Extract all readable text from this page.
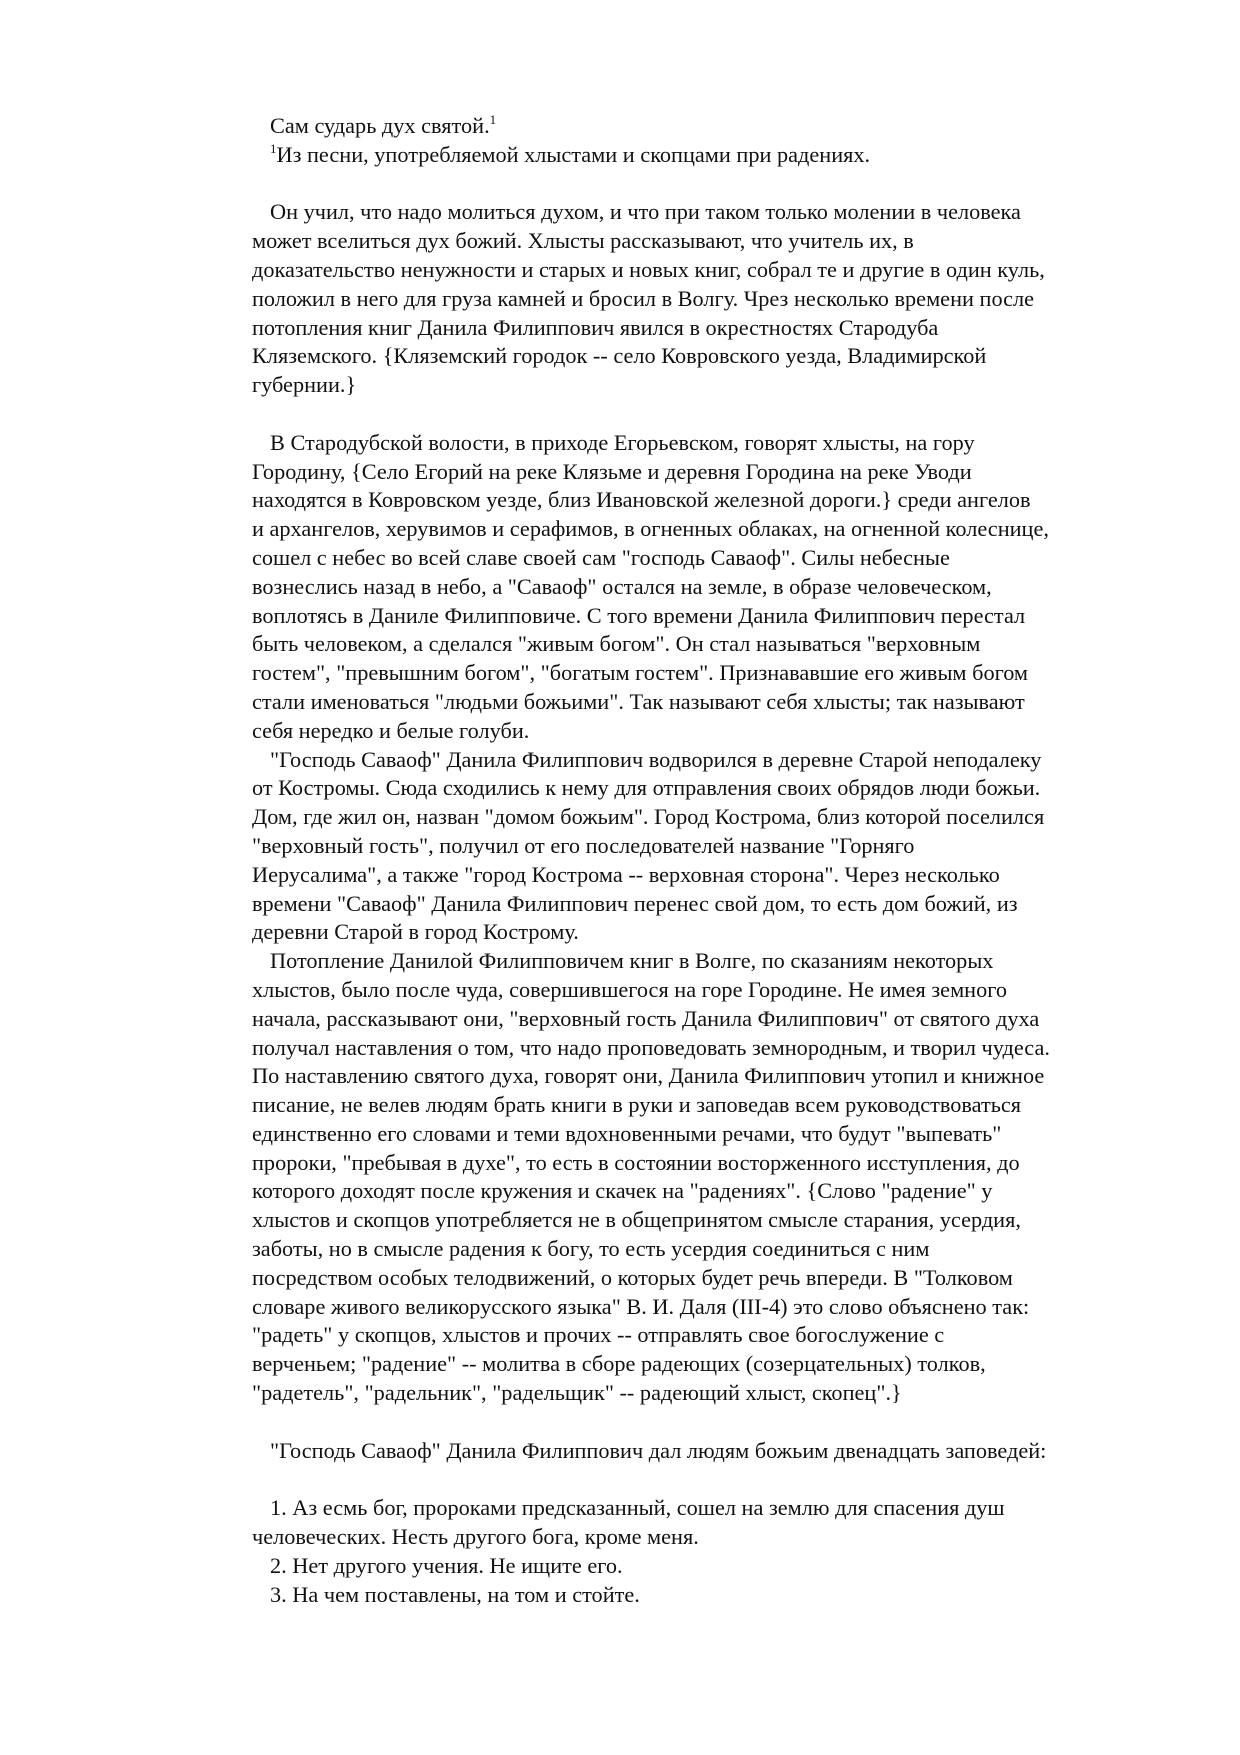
Сам сударь дух святой.$^1$
$^1$Из песни, употребляемой хлыстами и скопцами при радениях.
Он учил, что надо молиться духом, и что при таком только молении в человека
может вселиться дух божий. Хлысты рассказывают, что учитель их, в
доказательство ненужности и старых и новых книг, собрал те и другие в один куль,
положил в него для груза камней и бросил в Волгу. Чрез несколько времени после
потопления книг Данила Филиппович явился в окрестностях Стародуба
Кляземского. {Кляземский городок -- село Ковровского уезда, Владимирской
губернии.}
В Стародубской волости, в приходе Егорьевском, говорят хлысты, на гору
Городину, {Село Егорий на реке Клязьме и деревня Городина на реке Уводи
находятся в Ковровском уезде, близ Ивановской железной дороги.} среди ангелов
и архангелов, херувимов и серафимов, в огненных облаках, на огненной колеснице,
сошел с небес во всей славе своей сам "господь Саваоф". Силы небесные
вознеслись назад в небо, а "Саваоф" остался на земле, в образе человеческом,
воплотясь в Даниле Филипповиче. С того времени Данила Филиппович перестал
быть человеком, а сделался "живым богом". Он стал называться "верховным
гостем", "превышним богом", "богатым гостем". Признававшие его живым богом
стали именоваться "людьми божьими". Так называют себя хлысты; так называют
себя нередко и белые голуби.
"Господь Саваоф" Данила Филиппович водворился в деревне Старой неподалеку
от Костромы. Сюда сходились к нему для отправления своих обрядов люди божьи.
Дом, где жил он, назван "домом божьим". Город Кострома, близ которой поселился
"верховный гость", получил от его последователей название "Горняго
Иерусалима", а также "город Кострома -- верховная сторона". Через несколько
времени "Саваоф" Данила Филиппович перенес свой дом, то есть дом божий, из
деревни Старой в город Кострому.
Потопление Данилой Филипповичем книг в Волге, по сказаниям некоторых
хлыстов, было после чуда, совершившегося на горе Городине. Не имея земного
начала, рассказывают они, "верховный гость Данила Филиппович" от святого духа
получал наставления о том, что надо проповедовать земнородным, и творил чудеса.
По наставлению святого духа, говорят они, Данила Филиппович утопил и книжное
писание, не велев людям брать книги в руки и заповедав всем руководствоваться
единственно его словами и теми вдохновенными речами, что будут "выпевать"
пророки, "пребывая в духе", то есть в состоянии восторженного исступления, до
которого доходят после кружения и скачек на "радениях". {Слово "радение" у
хлыстов и скопцов употребляется не в общепринятом смысле старания, усердия,
заботы, но в смысле радения к богу, то есть усердия соединиться с ним
посредством особых телодвижений, о которых будет речь впереди. В "Толковом
словаре живого великорусского языка" В. И. Даля (III-4) это слово объяснено так:
"радеть" у скопцов, хлыстов и прочих -- отправлять свое богослужение с
верченьем; "радение" -- молитва в сборе радеющих (созерцательных) толков,
"радетель", "радельник", "радельщик" -- радеющий хлыст, скопец".}
"Господь Саваоф" Данила Филиппович дал людям божьим двенадцать заповедей:
1. Аз есмь бог, пророками предсказанный, сошел на землю для спасения душ
человеческих. Несть другого бога, кроме меня.
2. Нет другого учения. Не ищите его.
3. На чем поставлены, на том и стойте.
